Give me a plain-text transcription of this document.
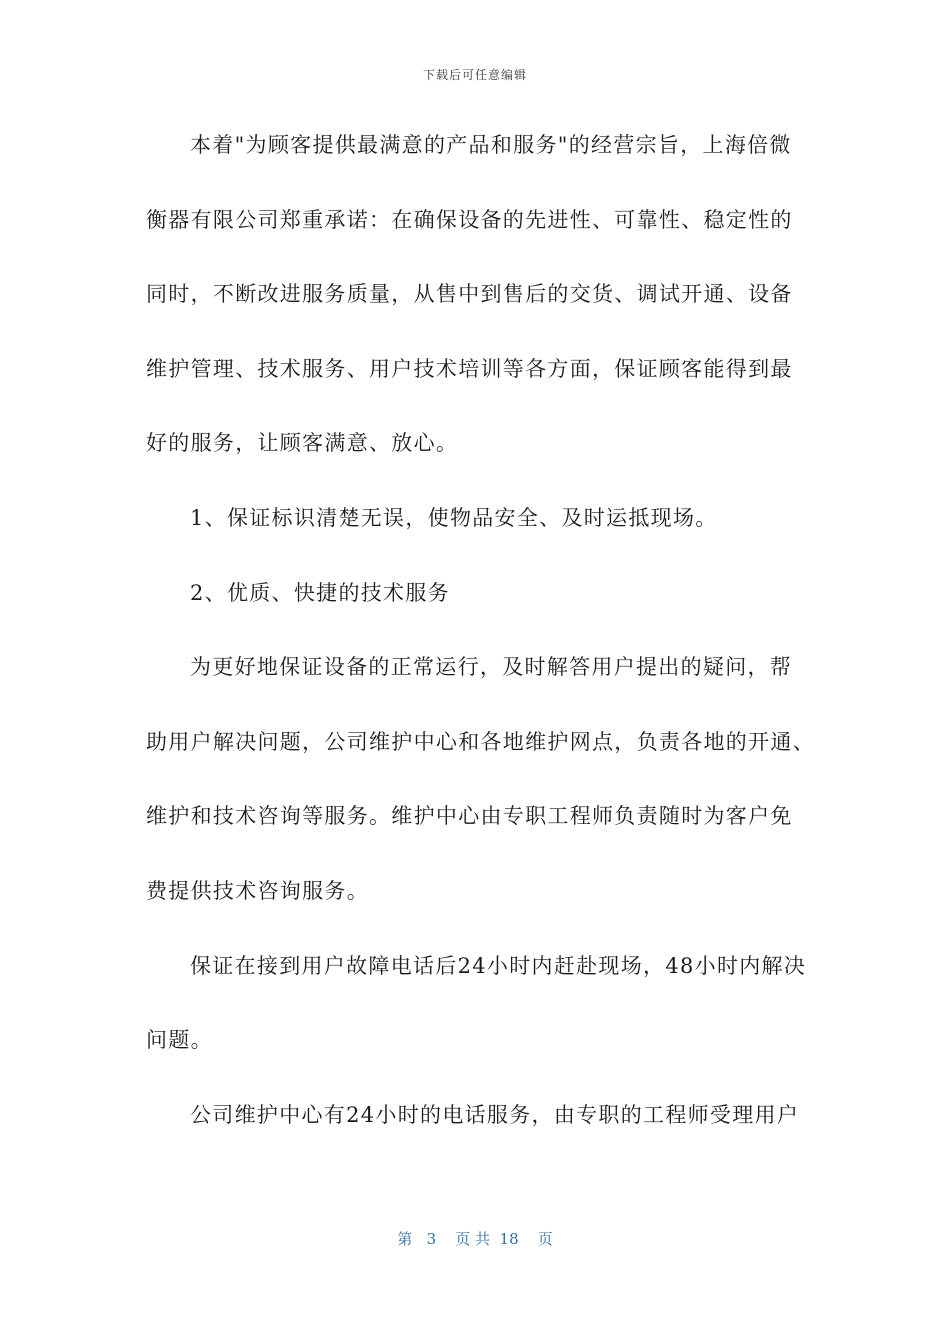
下载后可任意编辑
本着"为顾客提供最满意的产品和服务"的经营宗旨，上海倍微
衡器有限公司郑重承诺：在确保设备的先进性、可靠性、稳定性的
同时，不断改进服务质量，从售中到售后的交货、调试开通、设备
维护管理、技术服务、用户技术培训等各方面，保证顾客能得到最
好的服务，让顾客满意、放心。
1、保证标识清楚无误，使物品安全、及时运抵现场。
2、优质、快捷的技术服务
为更好地保证设备的正常运行，及时解答用户提出的疑问，帮
助用户解决问题，公司维护中心和各地维护网点，负责各地的开通、
维护和技术咨询等服务。维护中心由专职工程师负责随时为客户免
费提供技术咨询服务。
保证在接到用户故障电话后24小时内赶赴现场，48小时内解决
问题。
公司维护中心有24小时的电话服务，由专职的工程师受理用户
第 3 页 共 18 页
